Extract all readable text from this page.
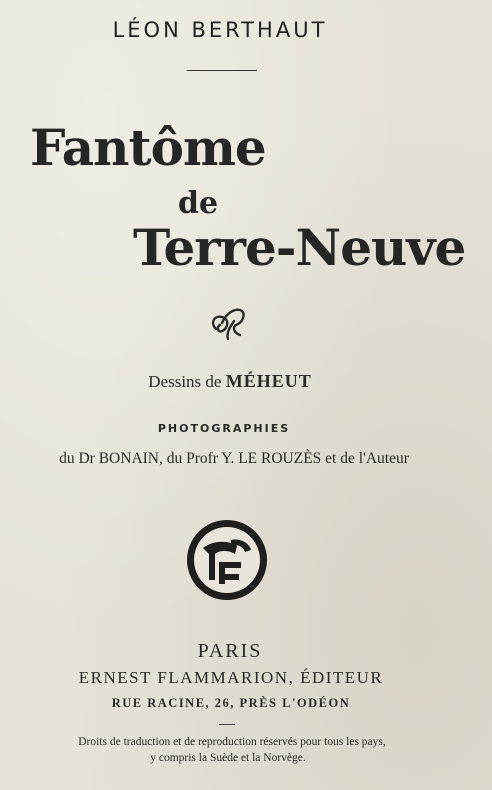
LÉON BERTHAUT
Fantôme
de
Terre-Neuve
Dessins de MÉHEUT
PHOTOGRAPHIES
du Dr BONAIN, du Profr Y. LE ROUZÈS et de l'Auteur
PARIS
ERNEST FLAMMARION, ÉDITEUR
RUE RACINE, 26, PRÈS L'ODÉON
Droits de traduction et de reproduction réservés pour tous les pays,
y compris la Suède et la Norvège.
